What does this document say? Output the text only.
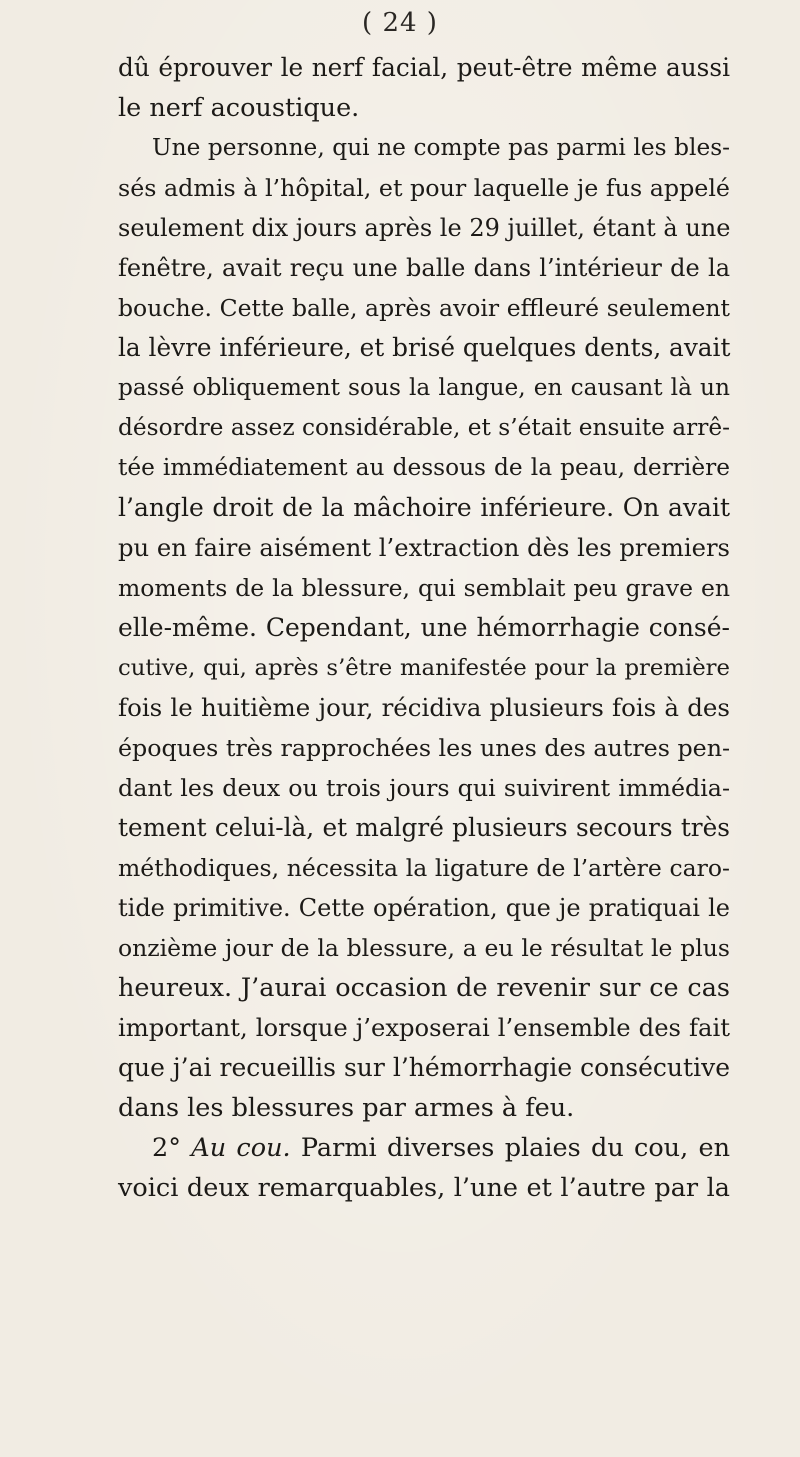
( 24 )
dû éprouver le nerf facial, peut-être même aussi
le nerf acoustique.
Une personne, qui ne compte pas parmi les bles-
sés admis à l’hôpital, et pour laquelle je fus appelé
seulement dix jours après le 29 juillet, étant à une
fenêtre, avait reçu une balle dans l’intérieur de la
bouche. Cette balle, après avoir effleuré seulement
la lèvre inférieure, et brisé quelques dents, avait
passé obliquement sous la langue, en causant là un
désordre assez considérable, et s’était ensuite arrê-
tée immédiatement au dessous de la peau, derrière
l’angle droit de la mâchoire inférieure. On avait
pu en faire aisément l’extraction dès les premiers
moments de la blessure, qui semblait peu grave en
elle-même. Cependant, une hémorrhagie consé-
cutive, qui, après s’être manifestée pour la première
fois le huitième jour, récidiva plusieurs fois à des
époques très rapprochées les unes des autres pen-
dant les deux ou trois jours qui suivirent immédia-
tement celui-là, et malgré plusieurs secours très
méthodiques, nécessita la ligature de l’artère caro-
tide primitive. Cette opération, que je pratiquai le
onzième jour de la blessure, a eu le résultat le plus
heureux. J’aurai occasion de revenir sur ce cas
important, lorsque j’exposerai l’ensemble des fait
que j’ai recueillis sur l’hémorrhagie consécutive
dans les blessures par armes à feu.
2° Au cou. Parmi diverses plaies du cou, en
voici deux remarquables, l’une et l’autre par la
